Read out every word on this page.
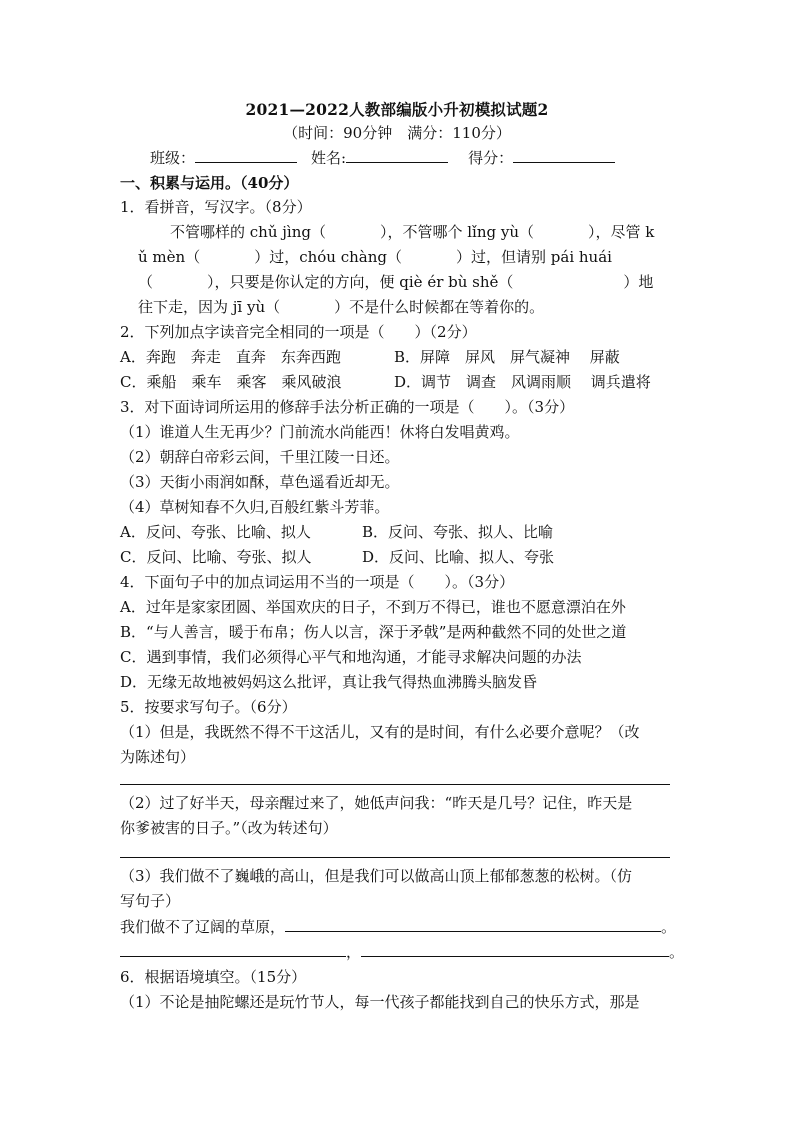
2021—2022人教部编版小升初模拟试题2
（时间：90分钟　满分：110分）
班级：	姓名:	得分：
一、积累与运用。（40分）
1．看拼音，写汉字。（8分）
不管哪样的 chǔ jìng（	），不管哪个 lǐng yù（	），尽管 k
ǔ mèn（	）过，chóu chàng（	）过，但请别 pái huái
（	），只要是你认定的方向，便 qiè ér bù shě（	）地
往下走，因为 jī yù（	）不是什么时候都在等着你的。
2．下列加点字读音完全相同的一项是（　　）（2分）
A．奔跑　奔走　直奔　东奔西跑	B．屏障　屏风　屏气凝神　 屏蔽
C．乘船　乘车　乘客　乘风破浪	D．调节　调查　风调雨顺　 调兵遣将
3．对下面诗词所运用的修辞手法分析正确的一项是（　　）。（3分）
（1）谁道人生无再少？门前流水尚能西！休将白发唱黄鸡。
（2）朝辞白帝彩云间，千里江陵一日还。
（3）天街小雨润如酥，草色遥看近却无。
（4）草树知春不久归,百般红紫斗芳菲。
A．反问、夸张、比喻、拟人	B．反问、夸张、拟人、比喻
C．反问、比喻、夸张、拟人	D．反问、比喻、拟人、夸张
4．下面句子中的加点词运用不当的一项是（　　）。（3分）
A．过年是家家团圆、举国欢庆的日子，不到万不得已，谁也不愿意漂泊在外
B．“与人善言，暖于布帛；伤人以言，深于矛戟”是两种截然不同的处世之道
C．遇到事情，我们必须得心平气和地沟通，才能寻求解决问题的办法
D．无缘无故地被妈妈这么批评，真让我气得热血沸腾头脑发昏
5．按要求写句子。（6分）
（1）但是，我既然不得不干这活儿，又有的是时间，有什么必要介意呢？（改
为陈述句）
（2）过了好半天，母亲醒过来了，她低声问我：“昨天是几号？记住，昨天是
你爹被害的日子。”（改为转述句）
（3）我们做不了巍峨的高山，但是我们可以做高山顶上郁郁葱葱的松树。（仿
写句子）
我们做不了辽阔的草原，	。
，	。
6．根据语境填空。（15分）
（1）不论是抽陀螺还是玩竹节人，每一代孩子都能找到自己的快乐方式，那是
